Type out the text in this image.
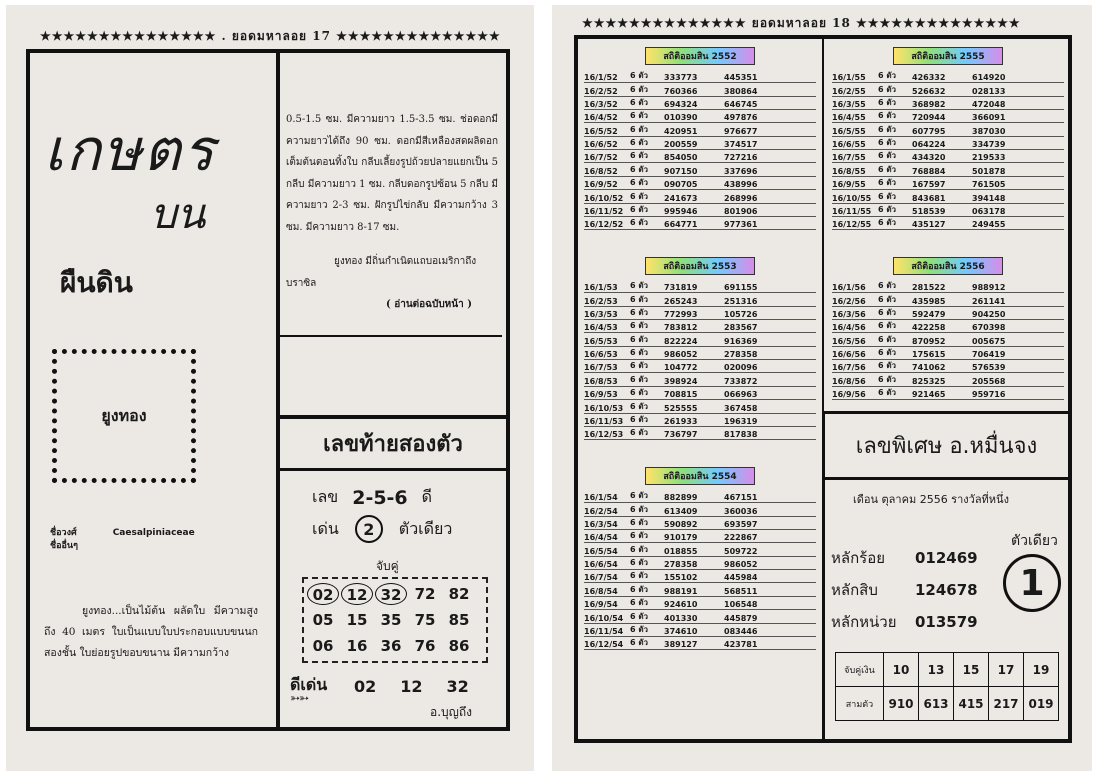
★★★★★★★★★★★★★★★ . ยอดมหาลอย 17 ★★★★★★★★★★★★★★
เกษตร
บน
ผืนดิน
ยูงทอง
ชื่อวงศ์	Caesalpiniaceae
ชื่ออื่นๆ
ยูงทอง...เป็นไม้ต้น ผลัดใบ มีความสูงถึง 40 เมตร ใบเป็นแบบใบประกอบแบบขนนกสองชั้น ใบย่อยรูปขอบขนาน มีความกว้าง
0.5-1.5 ซม. มีความยาว 1.5-3.5 ซม. ช่อดอกมีความยาวได้ถึง 90 ซม. ดอกมีสีเหลืองสดผลิดอกเต็มต้นตอนทิ้งใบ กลีบเลี้ยงรูปถ้วยปลายแยกเป็น 5 กลีบ มีความยาว 1 ซม. กลีบดอกรูปซ้อน 5 กลีบ มีความยาว 2-3 ซม. ฝักรูปไข่กลับ มีความกว้าง 3 ซม. มีความยาว 8-17 ซม.
ยูงทอง มีถิ่นกำเนิดแถบอเมริกาถึงบราซิล
( อ่านต่อฉบับหน้า )
เลขท้ายสองตัว
เลข 2-5-6 ดี
เด่น	2	ตัวเดียว
จับคู่
02 12 32 72 82
05 15 35 75 85
06 16 36 76 86
ดีเด่น
➳➳
02 12 32
อ.บุญถึง
★★★★★★★★★★★★★★ ยอดมหาลอย 18 ★★★★★★★★★★★★★★
สถิติออมสิน 2552
16/1/52	6 ตัว	333773	445351
16/2/52	6 ตัว	760366	380864
16/3/52	6 ตัว	694324	646745
16/4/52	6 ตัว	010390	497876
16/5/52	6 ตัว	420951	976677
16/6/52	6 ตัว	200559	374517
16/7/52	6 ตัว	854050	727216
16/8/52	6 ตัว	907150	337696
16/9/52	6 ตัว	090705	438996
16/10/52 6 ตัว	241673	268996
16/11/52 6 ตัว	995946	801906
16/12/52 6 ตัว	664771	977361
สถิติออมสิน 2553
16/1/53	6 ตัว	731819	691155
16/2/53	6 ตัว	265243	251316
16/3/53	6 ตัว	772993	105726
16/4/53	6 ตัว	783812	283567
16/5/53	6 ตัว	822224	916369
16/6/53	6 ตัว	986052	278358
16/7/53	6 ตัว	104772	020096
16/8/53	6 ตัว	398924	733872
16/9/53	6 ตัว	708815	066963
16/10/53 6 ตัว	525555	367458
16/11/53 6 ตัว	261933	196319
16/12/53 6 ตัว	736797	817838
สถิติออมสิน 2554
16/1/54	6 ตัว	882899	467151
16/2/54	6 ตัว	613409	360036
16/3/54	6 ตัว	590892	693597
16/4/54	6 ตัว	910179	222867
16/5/54	6 ตัว	018855	509722
16/6/54	6 ตัว	278358	986052
16/7/54	6 ตัว	155102	445984
16/8/54	6 ตัว	988191	568511
16/9/54	6 ตัว	924610	106548
16/10/54 6 ตัว	401330	445879
16/11/54 6 ตัว	374610	083446
16/12/54 6 ตัว	389127	423781
สถิติออมสิน 2555
16/1/55	6 ตัว	426332	614920
16/2/55	6 ตัว	526632	028133
16/3/55	6 ตัว	368982	472048
16/4/55	6 ตัว	720944	366091
16/5/55	6 ตัว	607795	387030
16/6/55	6 ตัว	064224	334739
16/7/55	6 ตัว	434320	219533
16/8/55	6 ตัว	768884	501878
16/9/55	6 ตัว	167597	761505
16/10/55 6 ตัว	843681	394148
16/11/55 6 ตัว	518539	063178
16/12/55 6 ตัว	435127	249455
สถิติออมสิน 2556
16/1/56	6 ตัว	281522	988912
16/2/56	6 ตัว	435985	261141
16/3/56	6 ตัว	592479	904250
16/4/56	6 ตัว	422258	670398
16/5/56	6 ตัว	870952	005675
16/6/56	6 ตัว	175615	706419
16/7/56	6 ตัว	741062	576539
16/8/56	6 ตัว	825325	205568
16/9/56	6 ตัว	921465	959716
เลขพิเศษ อ.หมื่นจง
เดือน ตุลาคม 2556 รางวัลที่หนึ่ง
ตัวเดียว
1
หลักร้อย 012469
หลักสิบ 124678
หลักหน่วย 013579
จับคู่เงิน	10	13	15	17	19
สามตัว	910	613	415	217	019
